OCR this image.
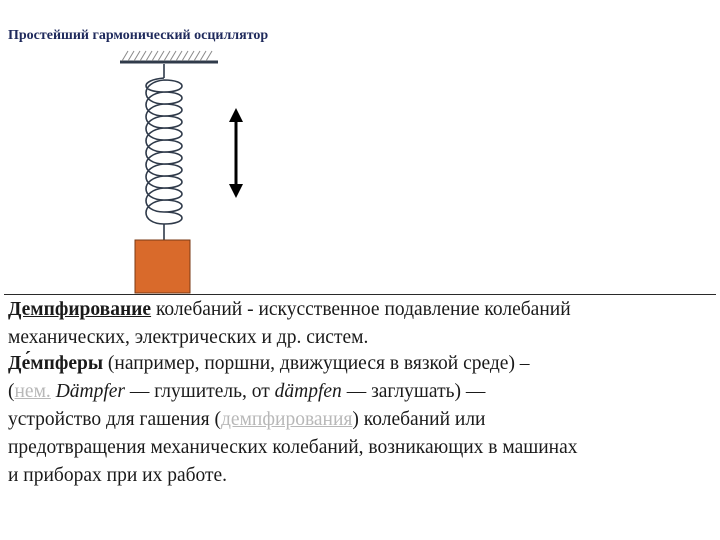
Простейший гармонический осциллятор
Демпфирование колебаний - искусственное подавление колебаний
механических, электрических и др. систем.
Де́мпферы (например, поршни, движущиеся в вязкой среде) –
(нем. Dämpfer — глушитель, от dämpfen — заглушать) —
устройство для гашения (демпфирования) колебаний или
предотвращения механических колебаний, возникающих в машинах
и приборах при их работе.
